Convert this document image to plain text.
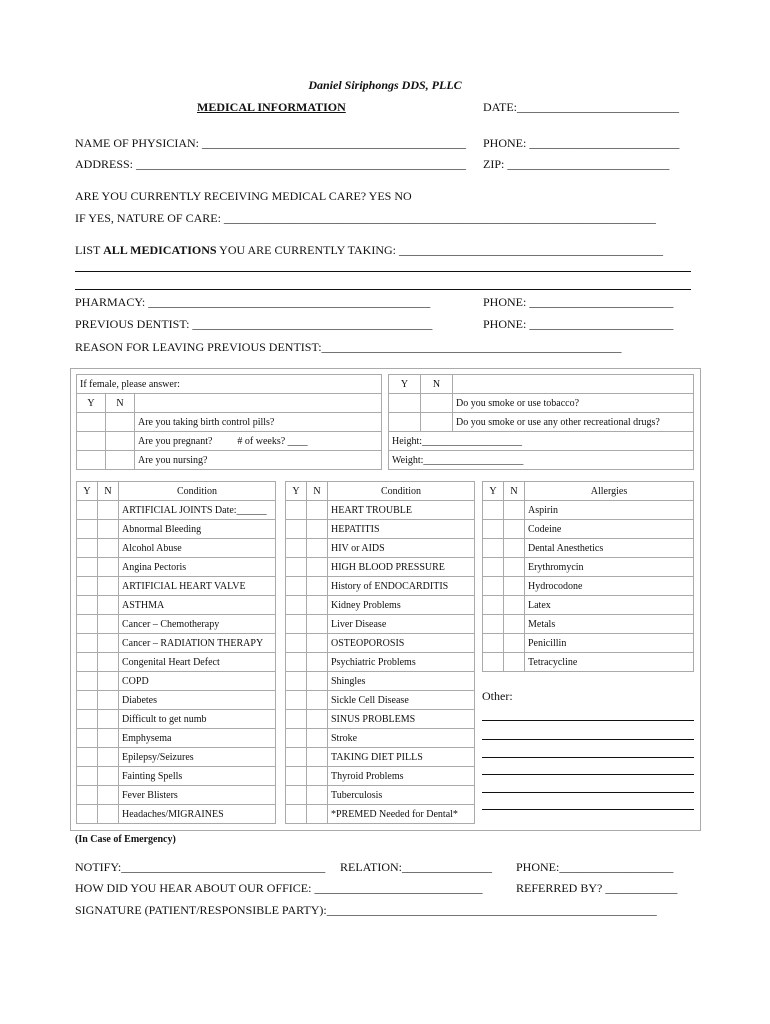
Daniel Siriphongs DDS, PLLC
MEDICAL INFORMATION	DATE:___________________________
NAME OF PHYSICIAN: ____________________________________________ PHONE: _________________________
ADDRESS: _______________________________________________________ ZIP: ___________________________
ARE YOU CURRENTLY RECEIVING MEDICAL CARE? YES NO
IF YES, NATURE OF CARE: ________________________________________________________________________
LIST ALL MEDICATIONS YOU ARE CURRENTLY TAKING: ____________________________________________
PHARMACY: _______________________________________________	PHONE: ________________________
PREVIOUS DENTIST: ________________________________________	PHONE: ________________________
REASON FOR LEAVING PREVIOUS DENTIST:__________________________________________________
If female, please answer:		
Y	N	
		Are you taking birth control pills?
		Are you pregnant? # of weeks? ____
		Are you nursing?
Y	N	
		Do you smoke or use tobacco?
		Do you smoke or use any other recreational drugs?
Height:____________________		
Weight:____________________		
Y	N	Condition
		ARTIFICIAL JOINTS Date:______
		Abnormal Bleeding
		Alcohol Abuse
		Angina Pectoris
		ARTIFICIAL HEART VALVE
		ASTHMA
		Cancer – Chemotherapy
		Cancer – RADIATION THERAPY
		Congenital Heart Defect
		COPD
		Diabetes
		Difficult to get numb
		Emphysema
		Epilepsy/Seizures
		Fainting Spells
		Fever Blisters
		Headaches/MIGRAINES
Y	N	Condition
		HEART TROUBLE
		HEPATITIS
		HIV or AIDS
		HIGH BLOOD PRESSURE
		History of ENDOCARDITIS
		Kidney Problems
		Liver Disease
		OSTEOPOROSIS
		Psychiatric Problems
		Shingles
		Sickle Cell Disease
		SINUS PROBLEMS
		Stroke
		TAKING DIET PILLS
		Thyroid Problems
		Tuberculosis
		*PREMED Needed for Dental*
Y	N	Allergies
		Aspirin
		Codeine
		Dental Anesthetics
		Erythromycin
		Hydrocodone
		Latex
		Metals
		Penicillin
		Tetracycline
Other:
(In Case of Emergency)
NOTIFY:__________________________________ RELATION:_______________ PHONE:___________________
HOW DID YOU HEAR ABOUT OUR OFFICE: ____________________________	REFERRED BY? ____________
SIGNATURE (PATIENT/RESPONSIBLE PARTY):_______________________________________________________
